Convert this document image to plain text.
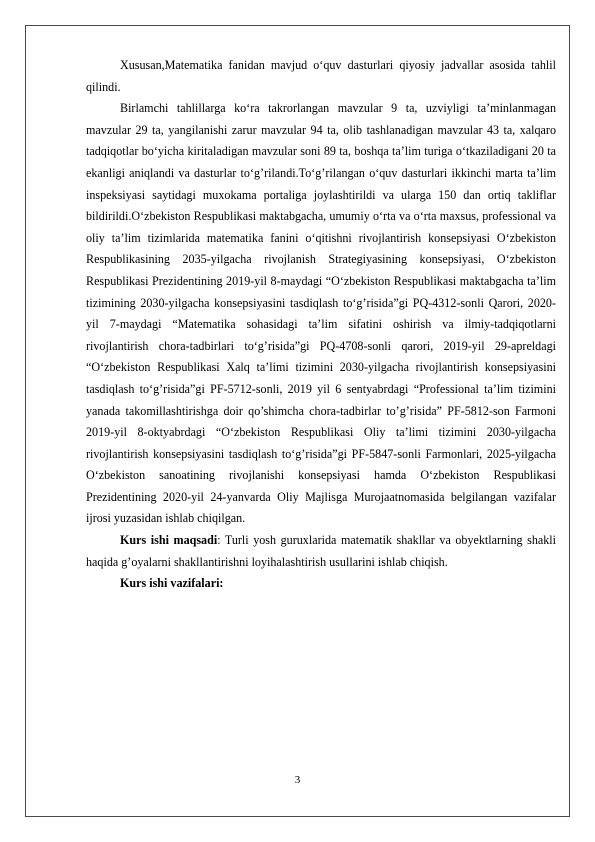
Xususan,Matematika fanidan mavjud o‘quv dasturlari qiyosiy jadvallar asosida tahlil qilindi.

Birlamchi tahlillarga ko‘ra takrorlangan mavzular 9 ta, uzviyligi ta’minlanmagan mavzular 29 ta, yangilanishi zarur mavzular 94 ta, olib tashlanadigan mavzular 43 ta, xalqaro tadqiqotlar bo‘yicha kiritaladigan mavzular soni 89 ta, boshqa ta’lim turiga o‘tkaziladigani 20 ta ekanligi aniqlandi va dasturlar to‘g’rilandi.To‘g’rilangan o‘quv dasturlari ikkinchi marta ta’lim inspeksiyasi saytidagi muxokama portaliga joylashtirildi va ularga 150 dan ortiq takliflar bildirildi.O‘zbekiston Respublikasi maktabgacha, umumiy o‘rta va o‘rta maxsus, professional va oliy ta’lim tizimlarida matematika fanini o‘qitishni rivojlantirish konsepsiyasi O‘zbekiston Respublikasining 2035-yilgacha rivojlanish Strategiyasining konsepsiyasi, O‘zbekiston Respublikasi Prezidentining 2019-yil 8-maydagi “O‘zbekiston Respublikasi maktabgacha ta’lim tizimining 2030-yilgacha konsepsiyasini tasdiqlash to‘g’risida”gi PQ-4312-sonli Qarori, 2020-yil 7-maydagi “Matematika sohasidagi ta’lim sifatini oshirish va ilmiy-tadqiqotlarni rivojlantirish chora-tadbirlari to‘g’risida”gi PQ-4708-sonli qarori, 2019-yil 29-apreldagi “O‘zbekiston Respublikasi Xalq ta’limi tizimini 2030-yilgacha rivojlantirish konsepsiyasini tasdiqlash to‘g’risida”gi PF-5712-sonli, 2019 yil 6 sentyabrdagi “Professional ta’lim tizimini yanada takomillashtirishga doir qo’shimcha chora-tadbirlar to’g’risida” PF-5812-son Farmoni 2019-yil 8-oktyabrdagi “O‘zbekiston Respublikasi Oliy ta’limi tizimini 2030-yilgacha rivojlantirish konsepsiyasini tasdiqlash to‘g’risida”gi PF-5847-sonli Farmonlari, 2025-yilgacha O‘zbekiston sanoatining rivojlanishi konsepsiyasi hamda O‘zbekiston Respublikasi Prezidentining 2020-yil 24-yanvarda Oliy Majlisga Murojaatnomasida belgilangan vazifalar ijrosi yuzasidan ishlab chiqilgan.

Kurs ishi maqsadi: Turli yosh guruxlarida matematik shakllar va obyektlarning shakli haqida g’oyalarni shakllantirishni loyihalashtirish usullarini ishlab chiqish.

Kurs ishi vazifalari:

3
